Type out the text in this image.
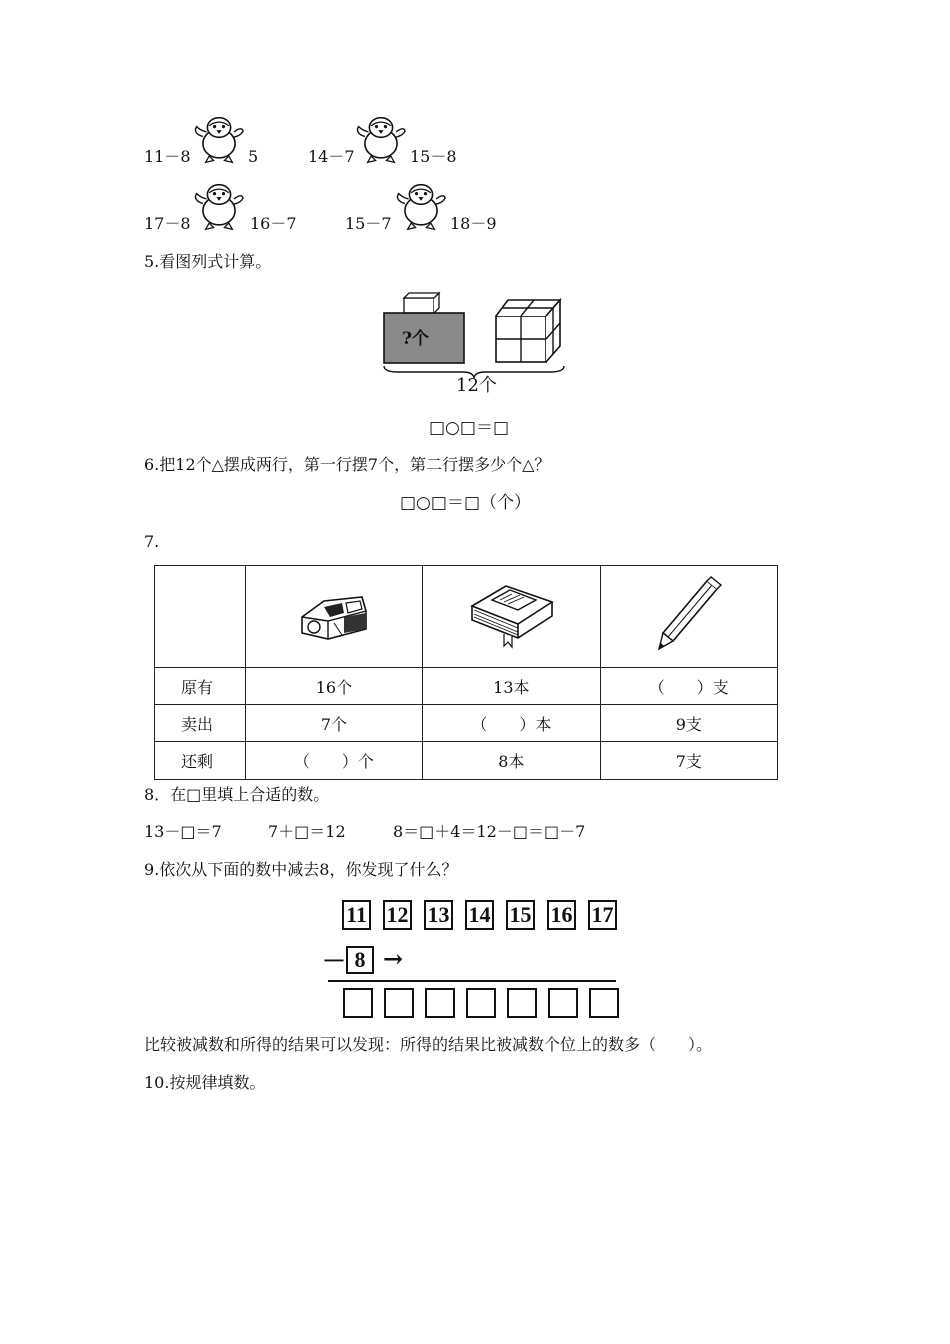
11－8	5	14－7	15－8
17－8	16－7	15－7	18－9
5.看图列式计算。
?个
12个
□○□＝□
6.把12个△摆成两行，第一行摆7个，第二行摆多少个△？
□○□＝□（个）
7.

原有	16个	13本	（　　）支
卖出	7个	（　　）本	9支
还剩	（　　）个	8本	7支
8．在□里填上合适的数。
13－□＝7	7＋□＝12	8＝□＋4＝12－□＝□－7
9.依次从下面的数中减去8，你发现了什么？
11 12 13 14 15 16 17
－ 8 →
比较被减数和所得的结果可以发现：所得的结果比被减数个位上的数多（　　）。
10.按规律填数。
